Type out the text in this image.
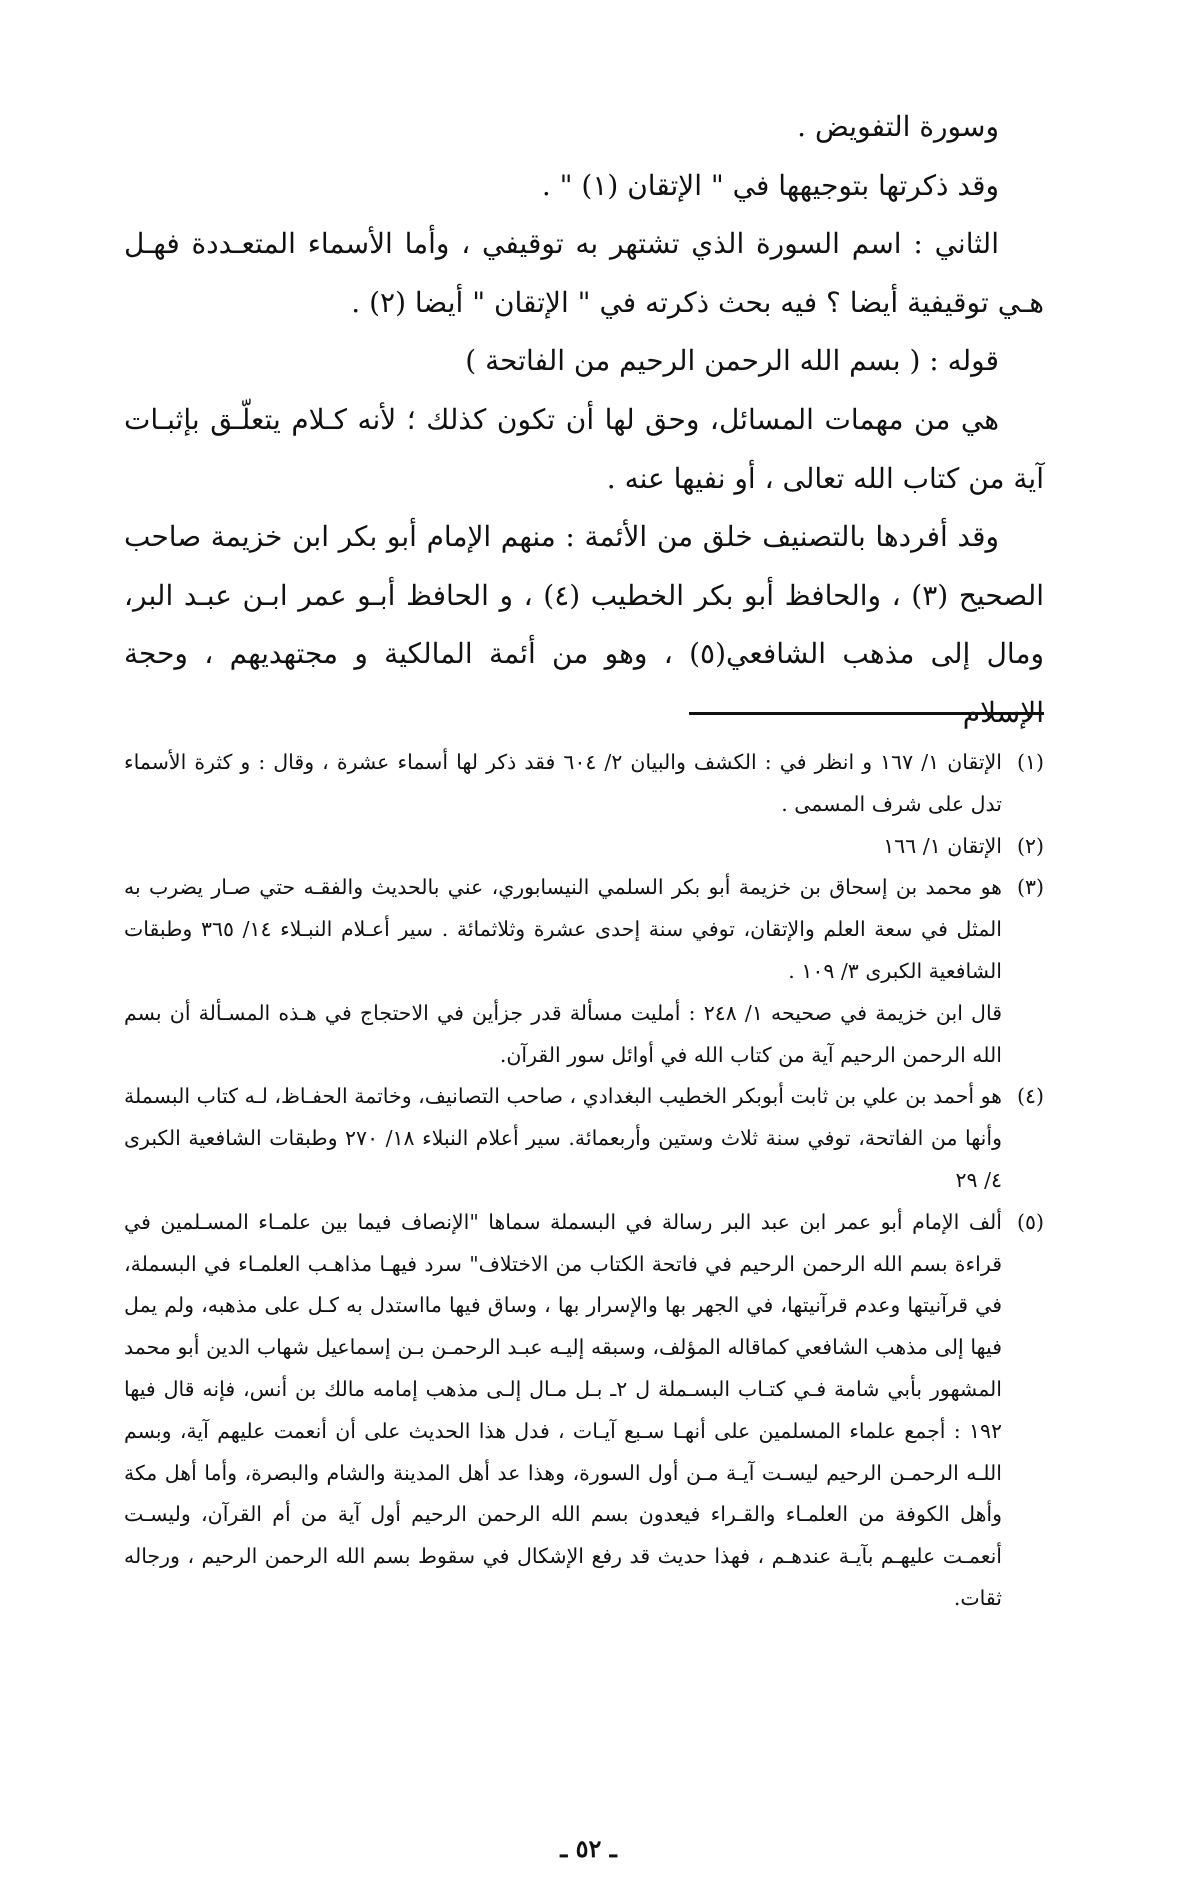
وسورة التفويض .

وقد ذكرتها بتوجيهها في " الإتقان (١) " .

الثاني : اسم السورة الذي تشتهر به توقيفي ، وأما الأسماء المتعـددة فهـل هـي توقيفية أيضا ؟ فيه بحث ذكرته في " الإتقان " أيضا (٢) .

قوله : ( بسم الله الرحمن الرحيم من الفاتحة )

هي من مهمات المسائل، وحق لها أن تكون كذلك ؛ لأنه كـلام يتعلّـق بإثبـات آية من كتاب الله تعالى ، أو نفيها عنه .

وقد أفردها بالتصنيف خلق من الأئمة : منهم الإمام أبو بكر ابن خزيمة صاحب الصحيح (٣) ، والحافظ أبو بكر الخطيب (٤) ، و الحافظ أبـو عمر ابـن عبـد البر، ومال إلى مذهب الشافعي(٥) ، وهو من أئمة المالكية و مجتهديهم ، وحجة الإسلام

(١)
الإتقان ١/ ١٦٧ و انظر في : الكشف والبيان ٢/ ٦٠٤ فقد ذكر لها أسماء عشرة ، وقال : و كثرة الأسماء تدل على شرف المسمى .
(٢)
الإتقان ١/ ١٦٦
(٣)
هو محمد بن إسحاق بن خزيمة أبو بكر السلمي النيسابوري، عني بالحديث والفقـه حتي صـار يضرب به المثل في سعة العلم والإتقان، توفي سنة إحدى عشرة وثلاثمائة . سير أعـلام النبـلاء ١٤/ ٣٦٥ وطبقات الشافعية الكبرى ٣/ ١٠٩ .
قال ابن خزيمة في صحيحه ١/ ٢٤٨ : أمليت مسألة قدر جزأين في الاحتجاج في هـذه المسـألة أن بسم الله الرحمن الرحيم آية من كتاب الله في أوائل سور القرآن.
(٤)
هو أحمد بن علي بن ثابت أبوبكر الخطيب البغدادي ، صاحب التصانيف، وخاتمة الحفـاظ، لـه كتاب البسملة وأنها من الفاتحة، توفي سنة ثلاث وستين وأربعمائة. سير أعلام النبلاء ١٨/ ٢٧٠ وطبقات الشافعية الكبرى ٤/ ٢٩
(٥)
ألف الإمام أبو عمر ابن عبد البر رسالة في البسملة سماها "الإنصاف فيما بين علمـاء المسـلمين في قراءة بسم الله الرحمن الرحيم في فاتحة الكتاب من الاختلاف" سرد فيهـا مذاهـب العلمـاء في البسملة، في قرآنيتها وعدم قرآنيتها، في الجهر بها والإسرار بها ، وساق فيها مااستدل به كـل على مذهبه، ولم يمل فيها إلى مذهب الشافعي كماقاله المؤلف، وسبقه إليـه عبـد الرحمـن بـن إسماعيل شهاب الدين أبو محمد المشهور بأبي شامة فـي كتـاب البسـملة ل ٢ـ بـل مـال إلـى مذهب إمامه مالك بن أنس، فإنه قال فيها ١٩٢ : أجمع علماء المسلمين على أنهـا سـبع آيـات ، فدل هذا الحديث على أن أنعمت عليهم آية، وبسم اللـه الرحمـن الرحيم ليسـت آيـة مـن أول السورة، وهذا عد أهل المدينة والشام والبصرة، وأما أهل مكة وأهل الكوفة من العلمـاء والقـراء فيعدون بسم الله الرحمن الرحيم أول آية من أم القرآن، وليسـت أنعمـت عليهـم بآيـة عندهـم ، فهذا حديث قد رفع الإشكال في سقوط بسم الله الرحمن الرحيم ، ورجاله ثقات.
ـ ٥٢ ـ
